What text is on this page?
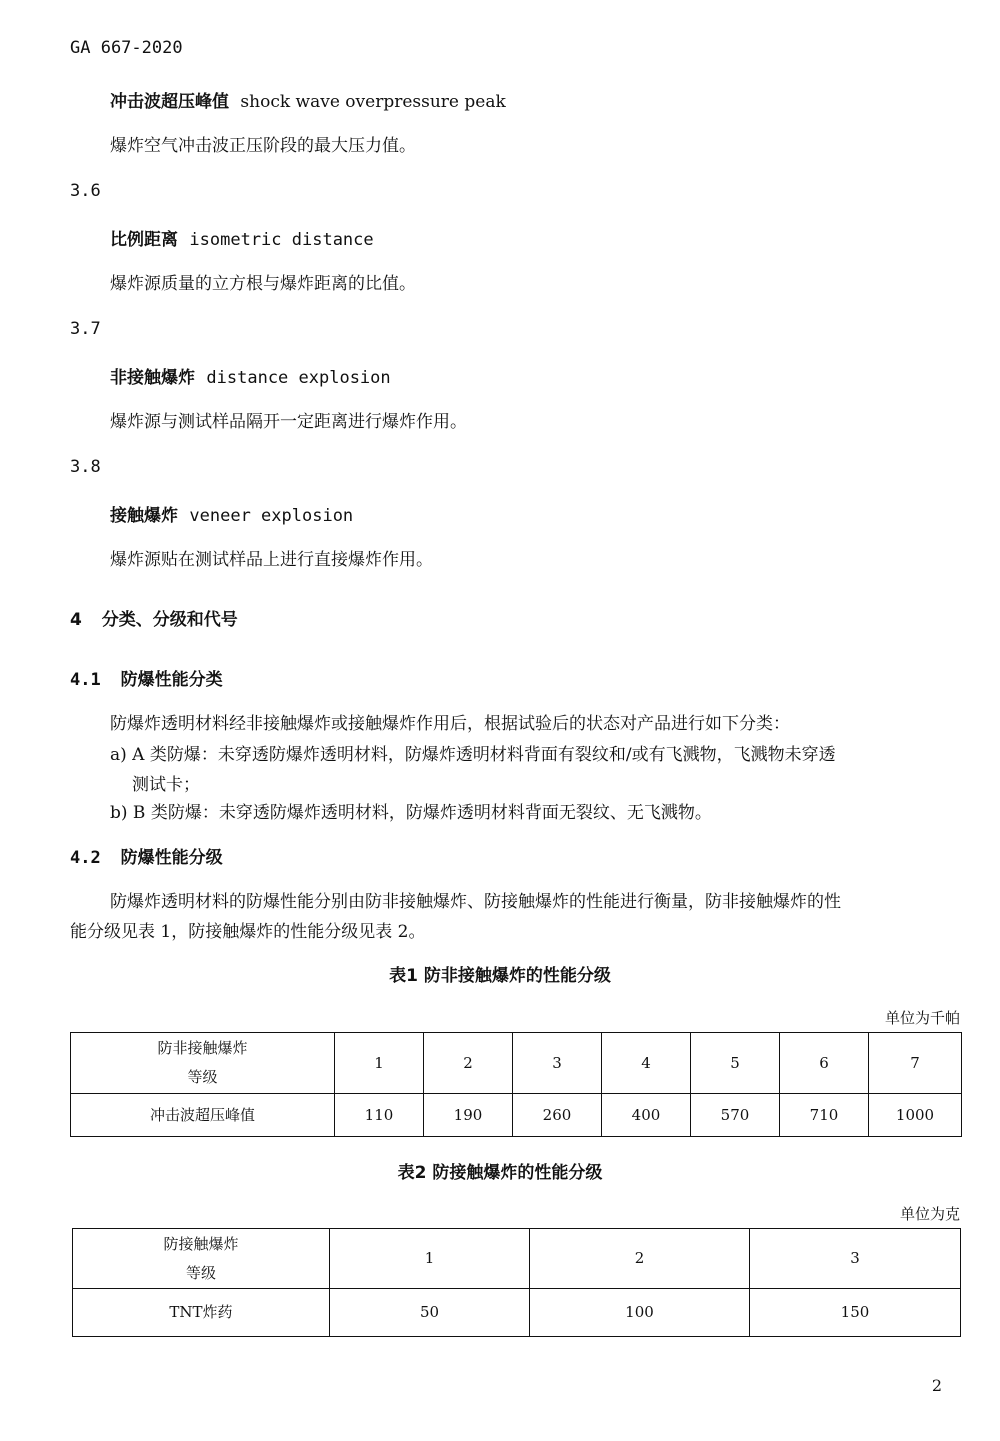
GA 667-2020
冲击波超压峰值 shock wave overpressure peak
爆炸空气冲击波正压阶段的最大压力值。
3.6
比例距离 isometric distance
爆炸源质量的立方根与爆炸距离的比值。
3.7
非接触爆炸 distance explosion
爆炸源与测试样品隔开一定距离进行爆炸作用。
3.8
接触爆炸 veneer explosion
爆炸源贴在测试样品上进行直接爆炸作用。
4 分类、分级和代号
4.1 防爆性能分类
防爆炸透明材料经非接触爆炸或接触爆炸作用后，根据试验后的状态对产品进行如下分类：
a) A 类防爆：未穿透防爆炸透明材料，防爆炸透明材料背面有裂纹和/或有飞溅物，飞溅物未穿透
测试卡；
b) B 类防爆：未穿透防爆炸透明材料，防爆炸透明材料背面无裂纹、无飞溅物。
4.2 防爆性能分级
防爆炸透明材料的防爆性能分别由防非接触爆炸、防接触爆炸的性能进行衡量，防非接触爆炸的性
能分级见表 1，防接触爆炸的性能分级见表 2。
表1 防非接触爆炸的性能分级
单位为千帕
防非接触爆炸
等级	1	2	3	4	5	6	7
冲击波超压峰值	110	190	260	400	570	710	1000
表2 防接触爆炸的性能分级
单位为克
防接触爆炸
等级	1	2	3
TNT炸药	50	100	150
2
